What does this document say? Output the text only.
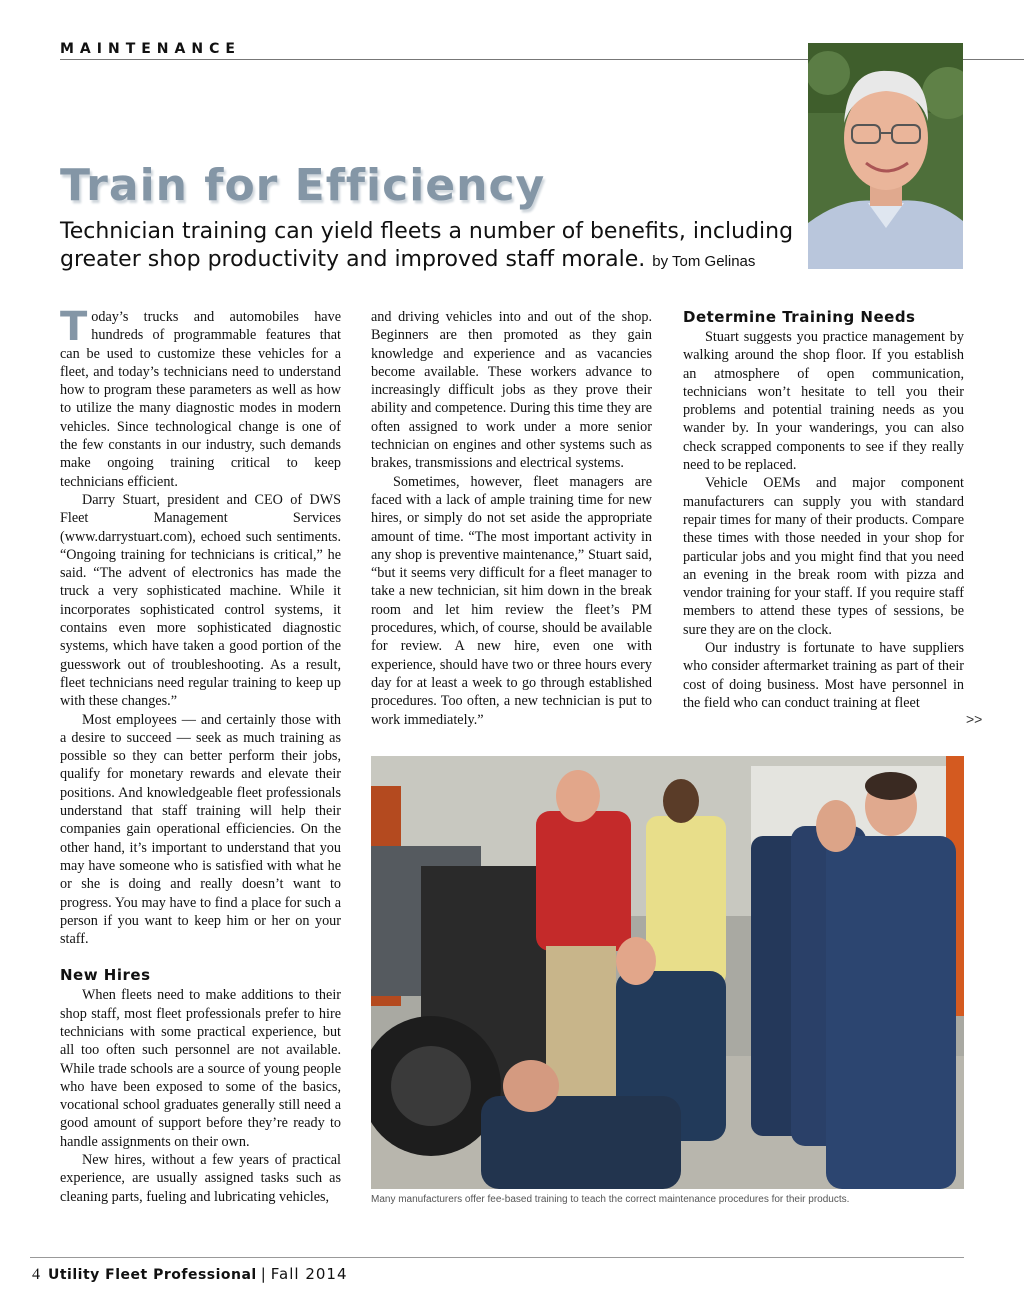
MAINTENANCE
Train for Efficiency
Technician training can yield fleets a number of benefits, including greater shop productivity and improved staff morale. by Tom Gelinas
T oday’s trucks and automobiles have hundreds of programmable features that can be used to customize these vehicles for a fleet, and today’s technicians need to understand how to program these parameters as well as how to utilize the many diagnostic modes in modern vehicles. Since technological change is one of the few constants in our industry, such demands make ongoing training critical to keep technicians efficient.

Darry Stuart, president and CEO of DWS Fleet Management Services (www.darrystuart.com), echoed such sentiments. “Ongoing training for technicians is critical,” he said. “The advent of electronics has made the truck a very sophisticated machine. While it incorporates sophisticated control systems, it contains even more sophisticated diagnostic systems, which have taken a good portion of the guesswork out of troubleshooting. As a result, fleet technicians need regular training to keep up with these changes.”

Most employees — and certainly those with a desire to succeed — seek as much training as possible so they can better perform their jobs, qualify for monetary rewards and elevate their positions. And knowledgeable fleet professionals understand that staff training will help their companies gain operational efficiencies. On the other hand, it’s important to understand that you may have someone who is satisfied with what he or she is doing and really doesn’t want to progress. You may have to find a place for such a person if you want to keep him or her on your staff.

New Hires

When fleets need to make additions to their shop staff, most fleet professionals prefer to hire technicians with some practical experience, but all too often such personnel are not available. While trade schools are a source of young people who have been exposed to some of the basics, vocational school graduates generally still need a good amount of support before they’re ready to handle assignments on their own.

New hires, without a few years of practical experience, are usually assigned tasks such as cleaning parts, fueling and lubricating vehicles,

and driving vehicles into and out of the shop. Beginners are then promoted as they gain knowledge and experience and as vacancies become available. These workers advance to increasingly difficult jobs as they prove their ability and competence. During this time they are often assigned to work under a more senior technician on engines and other systems such as brakes, transmissions and electrical systems.

Sometimes, however, fleet managers are faced with a lack of ample training time for new hires, or simply do not set aside the appropriate amount of time. “The most important activity in any shop is preventive maintenance,” Stuart said, “but it seems very difficult for a fleet manager to take a new technician, sit him down in the break room and let him review the fleet’s PM procedures, which, of course, should be available for review. A new hire, even one with experience, should have two or three hours every day for at least a week to go through established procedures. Too often, a new technician is put to work immediately.”

Determine Training Needs

Stuart suggests you practice management by walking around the shop floor. If you establish an atmosphere of open communication, technicians won’t hesitate to tell you their problems and potential training needs as you wander by. In your wanderings, you can also check scrapped components to see if they really need to be replaced.

Vehicle OEMs and major component manufacturers can supply you with standard repair times for many of their products. Compare these times with those needed in your shop for particular jobs and you might find that you need an evening in the break room with pizza and vendor training for your staff. If you require staff members to attend these types of sessions, be sure they are on the clock.

Our industry is fortunate to have suppliers who consider aftermarket training as part of their cost of doing business. Most have personnel in the field who can conduct training at fleet

>>
Many manufacturers offer fee-based training to teach the correct maintenance procedures for their products.
4 Utility Fleet Professional | Fall 2014
